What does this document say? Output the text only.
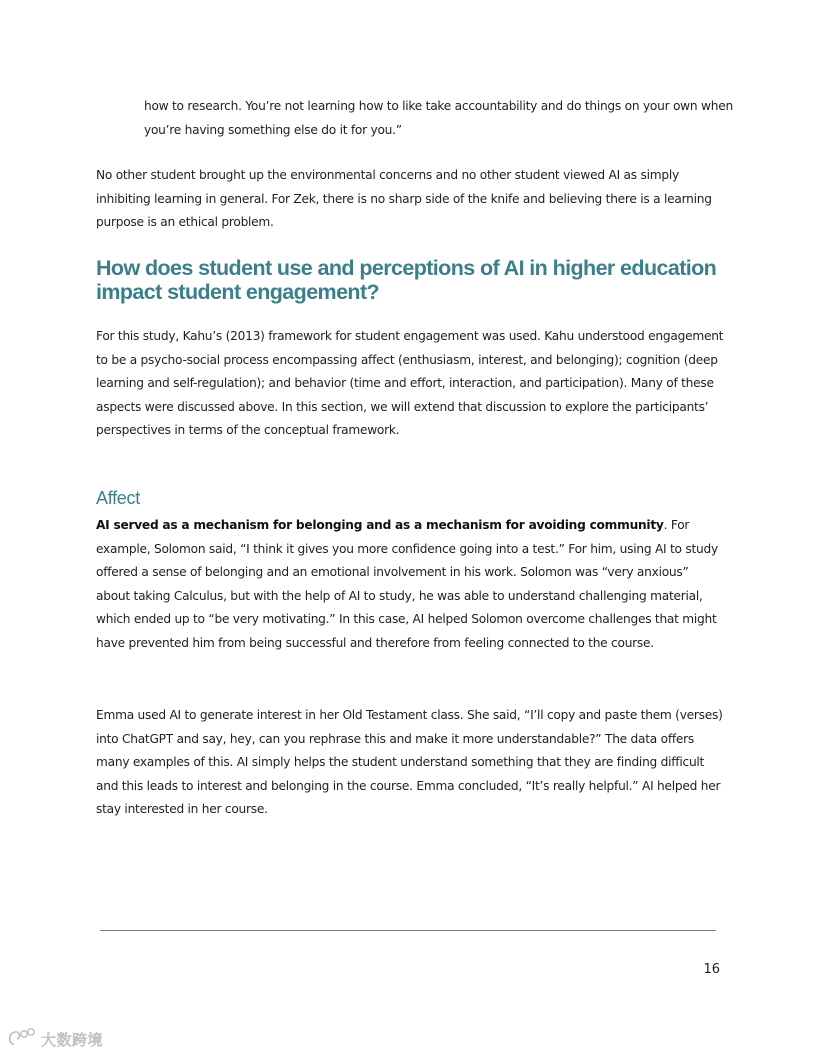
how to research. You’re not learning how to like take accountability and do things on your own when you’re having something else do it for you.”

No other student brought up the environmental concerns and no other student viewed AI as simply inhibiting learning in general. For Zek, there is no sharp side of the knife and believing there is a learning purpose is an ethical problem.

How does student use and perceptions of AI in higher education impact student engagement?

For this study, Kahu’s (2013) framework for student engagement was used. Kahu understood engagement to be a psycho-social process encompassing affect (enthusiasm, interest, and belonging); cognition (deep learning and self-regulation); and behavior (time and effort, interaction, and participation). Many of these aspects were discussed above. In this section, we will extend that discussion to explore the participants’ perspectives in terms of the conceptual framework.

Affect

AI served as a mechanism for belonging and as a mechanism for avoiding community. For example, Solomon said, “I think it gives you more confidence going into a test.” For him, using AI to study offered a sense of belonging and an emotional involvement in his work. Solomon was “very anxious” about taking Calculus, but with the help of AI to study, he was able to understand challenging material, which ended up to “be very motivating.” In this case, AI helped Solomon overcome challenges that might have prevented him from being successful and therefore from feeling connected to the course.

Emma used AI to generate interest in her Old Testament class. She said, “I’ll copy and paste them (verses) into ChatGPT and say, hey, can you rephrase this and make it more understandable?” The data offers many examples of this. AI simply helps the student understand something that they are finding difficult and this leads to interest and belonging in the course. Emma concluded, “It’s really helpful.” AI helped her stay interested in her course.

16
大数跨境
